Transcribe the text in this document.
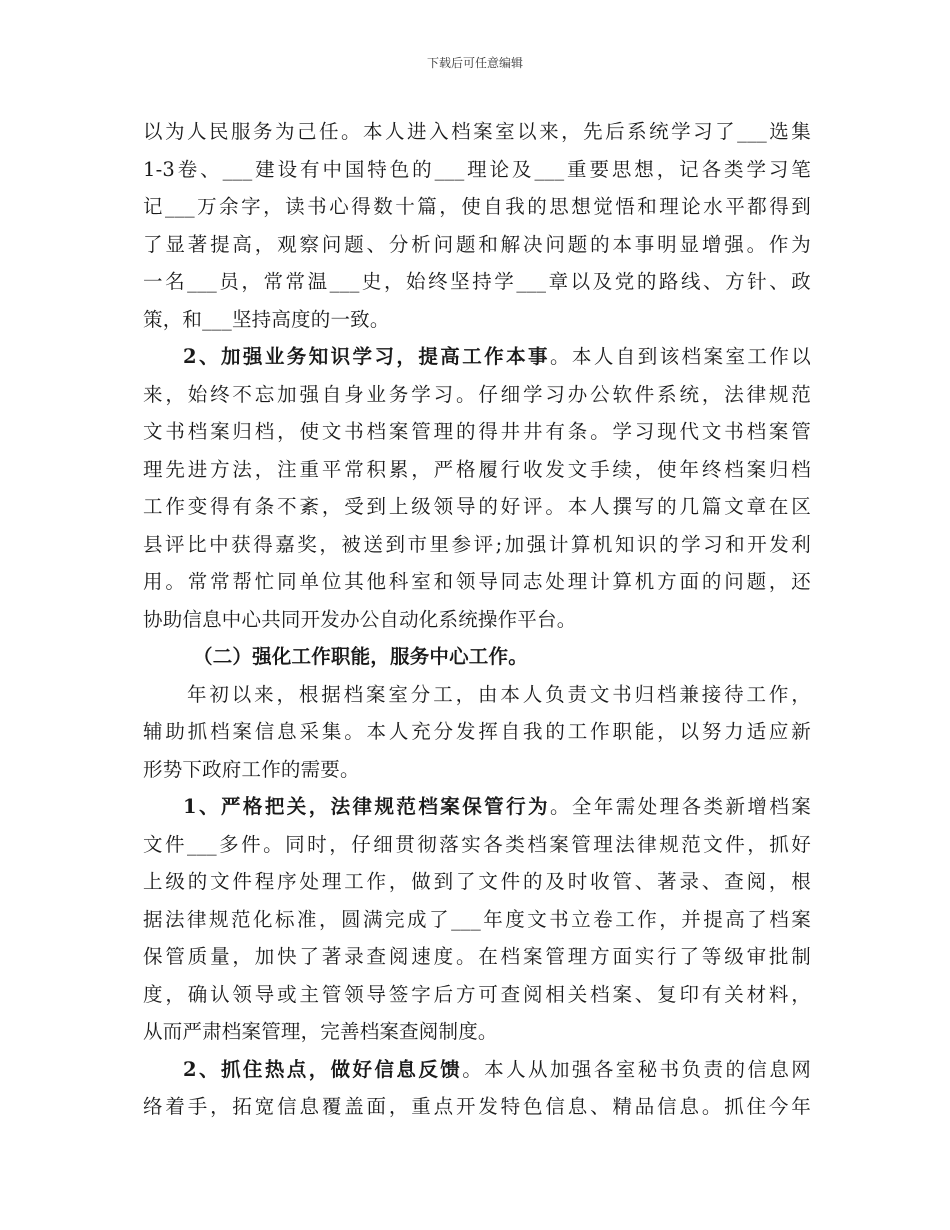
下载后可任意编辑
以为人民服务为己任。本人进入档案室以来，先后系统学习了___选集
1-3卷、___建设有中国特色的___理论及___重要思想，记各类学习笔
记___万余字，读书心得数十篇，使自我的思想觉悟和理论水平都得到
了显著提高，观察问题、分析问题和解决问题的本事明显增强。作为
一名___员，常常温___史，始终坚持学___章以及党的路线、方针、政
策，和___坚持高度的一致。
2、加强业务知识学习，提高工作本事。本人自到该档案室工作以
来，始终不忘加强自身业务学习。仔细学习办公软件系统，法律规范
文书档案归档，使文书档案管理的得井井有条。学习现代文书档案管
理先进方法，注重平常积累，严格履行收发文手续，使年终档案归档
工作变得有条不紊，受到上级领导的好评。本人撰写的几篇文章在区
县评比中获得嘉奖，被送到市里参评;加强计算机知识的学习和开发利
用。常常帮忙同单位其他科室和领导同志处理计算机方面的问题，还
协助信息中心共同开发办公自动化系统操作平台。
（二）强化工作职能，服务中心工作。
年初以来，根据档案室分工，由本人负责文书归档兼接待工作，
辅助抓档案信息采集。本人充分发挥自我的工作职能，以努力适应新
形势下政府工作的需要。
1、严格把关，法律规范档案保管行为。全年需处理各类新增档案
文件___多件。同时，仔细贯彻落实各类档案管理法律规范文件，抓好
上级的文件程序处理工作，做到了文件的及时收管、著录、查阅，根
据法律规范化标准，圆满完成了___年度文书立卷工作，并提高了档案
保管质量，加快了著录查阅速度。在档案管理方面实行了等级审批制
度，确认领导或主管领导签字后方可查阅相关档案、复印有关材料，
从而严肃档案管理，完善档案查阅制度。
2、抓住热点，做好信息反馈。本人从加强各室秘书负责的信息网
络着手，拓宽信息覆盖面，重点开发特色信息、精品信息。抓住今年
